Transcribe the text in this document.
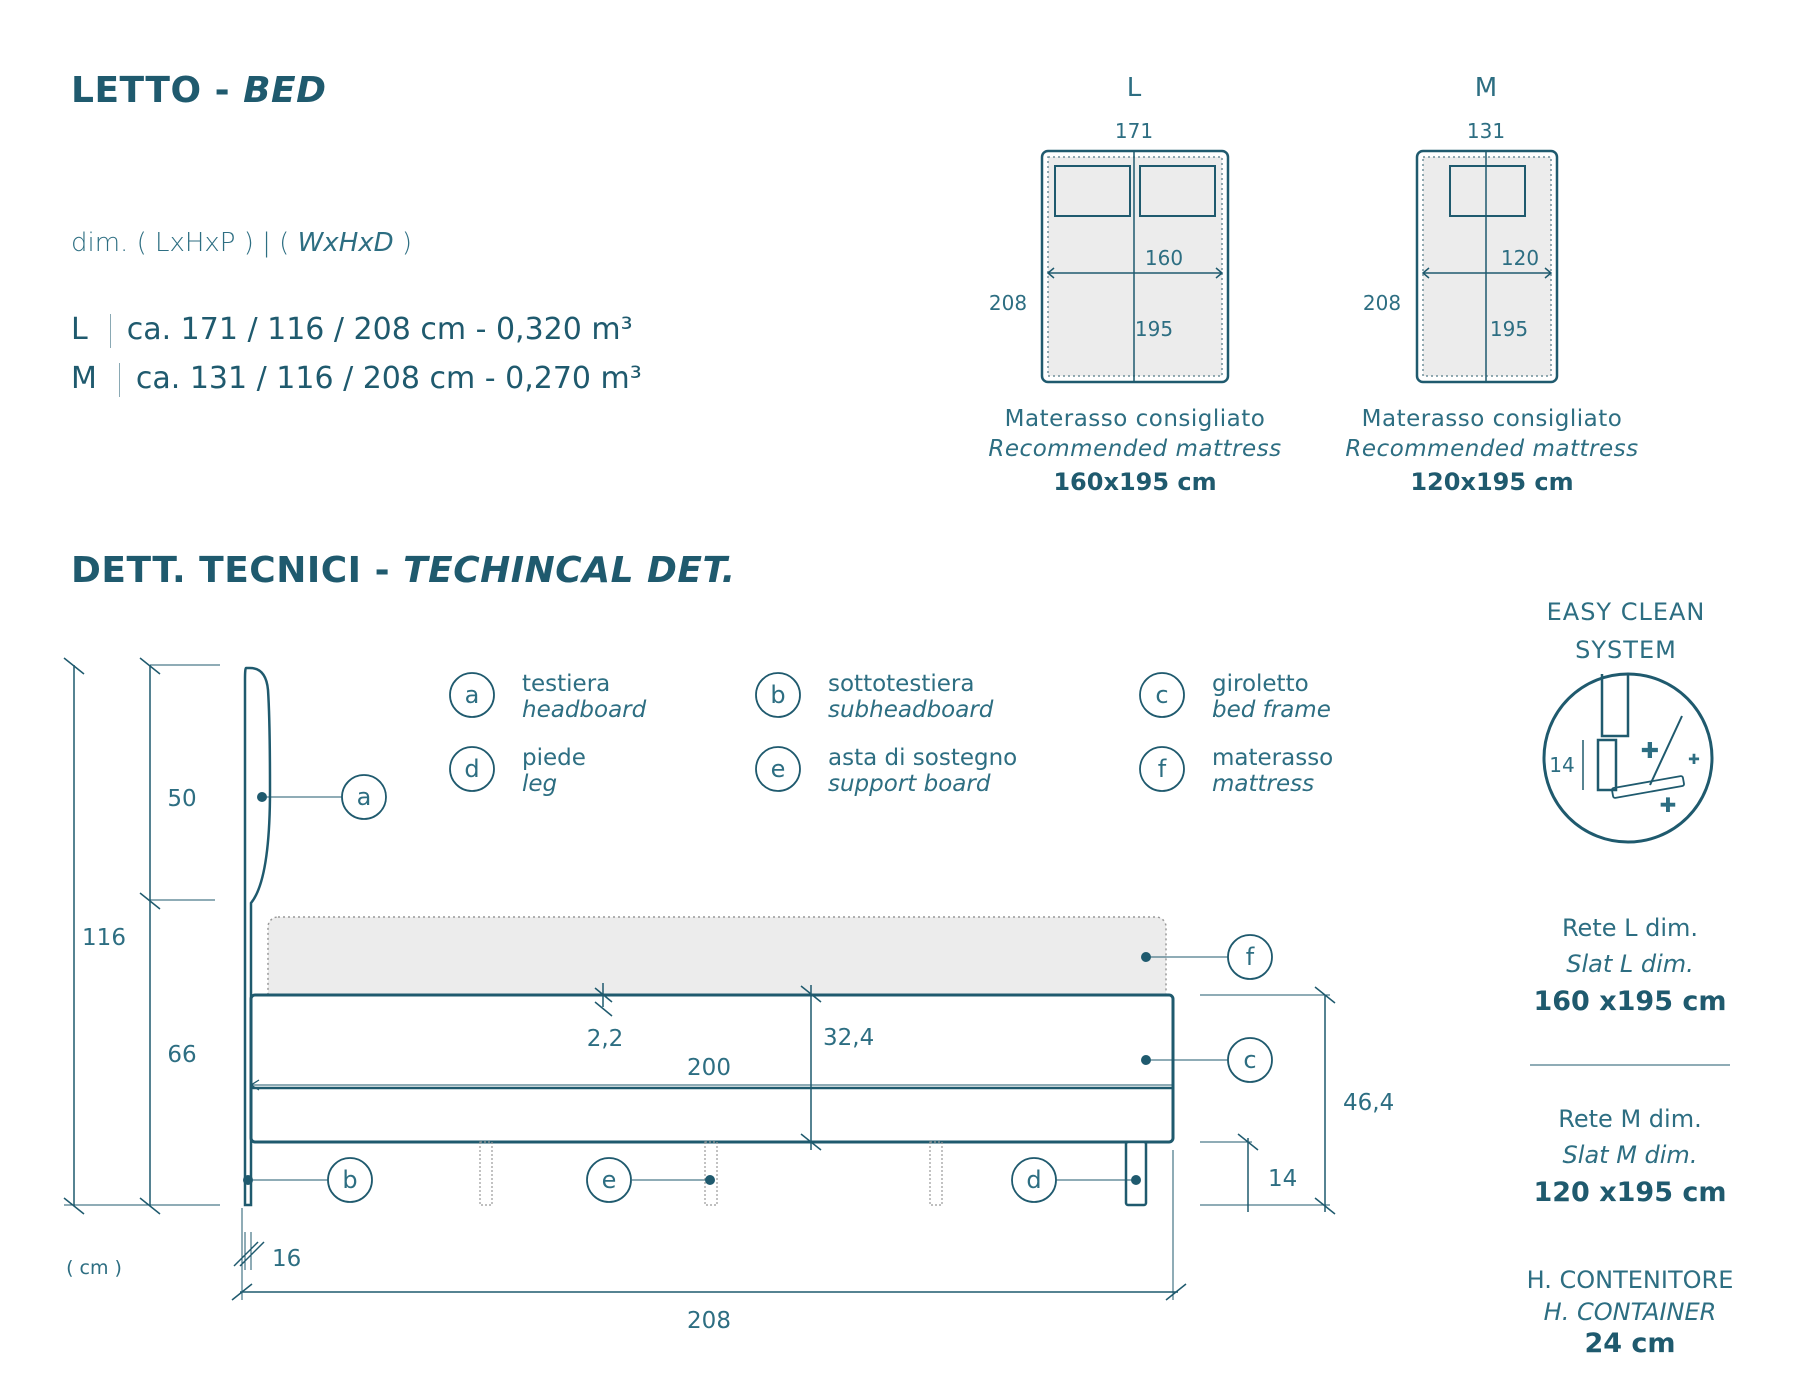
LETTO - BED
dim. ( LxHxP ) | ( WxHxD )
L ca. 171 / 116 / 208 cm - 0,320 m³
M ca. 131 / 116 / 208 cm - 0,270 m³
L
171
160
195
208
M
131
120
195
208
Materasso consigliato
Recommended mattress
160x195 cm
Materasso consigliato
Recommended mattress
120x195 cm
DETT. TECNICI - TECHINCAL DET.
a testiera
headboard
b sottotestiera
subheadboard
c giroletto
bed frame
d piede
leg
e asta di sostegno
support board
f materasso
mattress
a
b	e	d
c
f
116
50
66
2,2	32,4
200
46,4
14
16
208
( cm )
EASY CLEAN
SYSTEM
14
✚ ✚
✚
Rete L dim.
Slat L dim.
160 x195 cm
Rete M dim.
Slat M dim.
120 x195 cm
H. CONTENITORE
H. CONTAINER
24 cm
